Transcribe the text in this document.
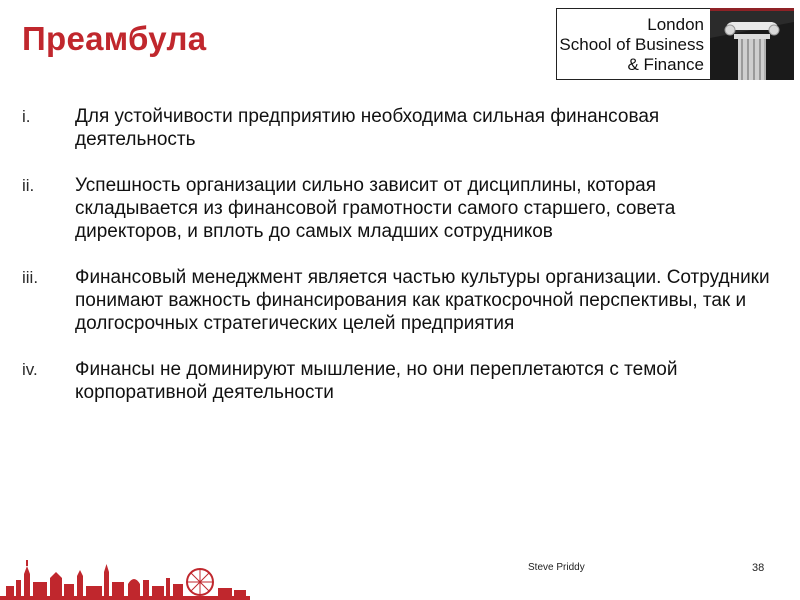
Преамбула	London
School of Business
& Finance
i.	Для устойчивости предприятию необходима сильная финансовая деятельность
ii.	Успешность организации сильно зависит от дисциплины, которая складывается из финансовой грамотности самого старшего, совета директоров, и вплоть до самых младших сотрудников
iii.	Финансовый менеджмент является частью культуры организации. Сотрудники понимают важность финансирования как краткосрочной перспективы, так и долгосрочных стратегических целей предприятия
iv.	Финансы не доминируют мышление, но они переплетаются с темой корпоративной деятельности
Steve Priddy	38
